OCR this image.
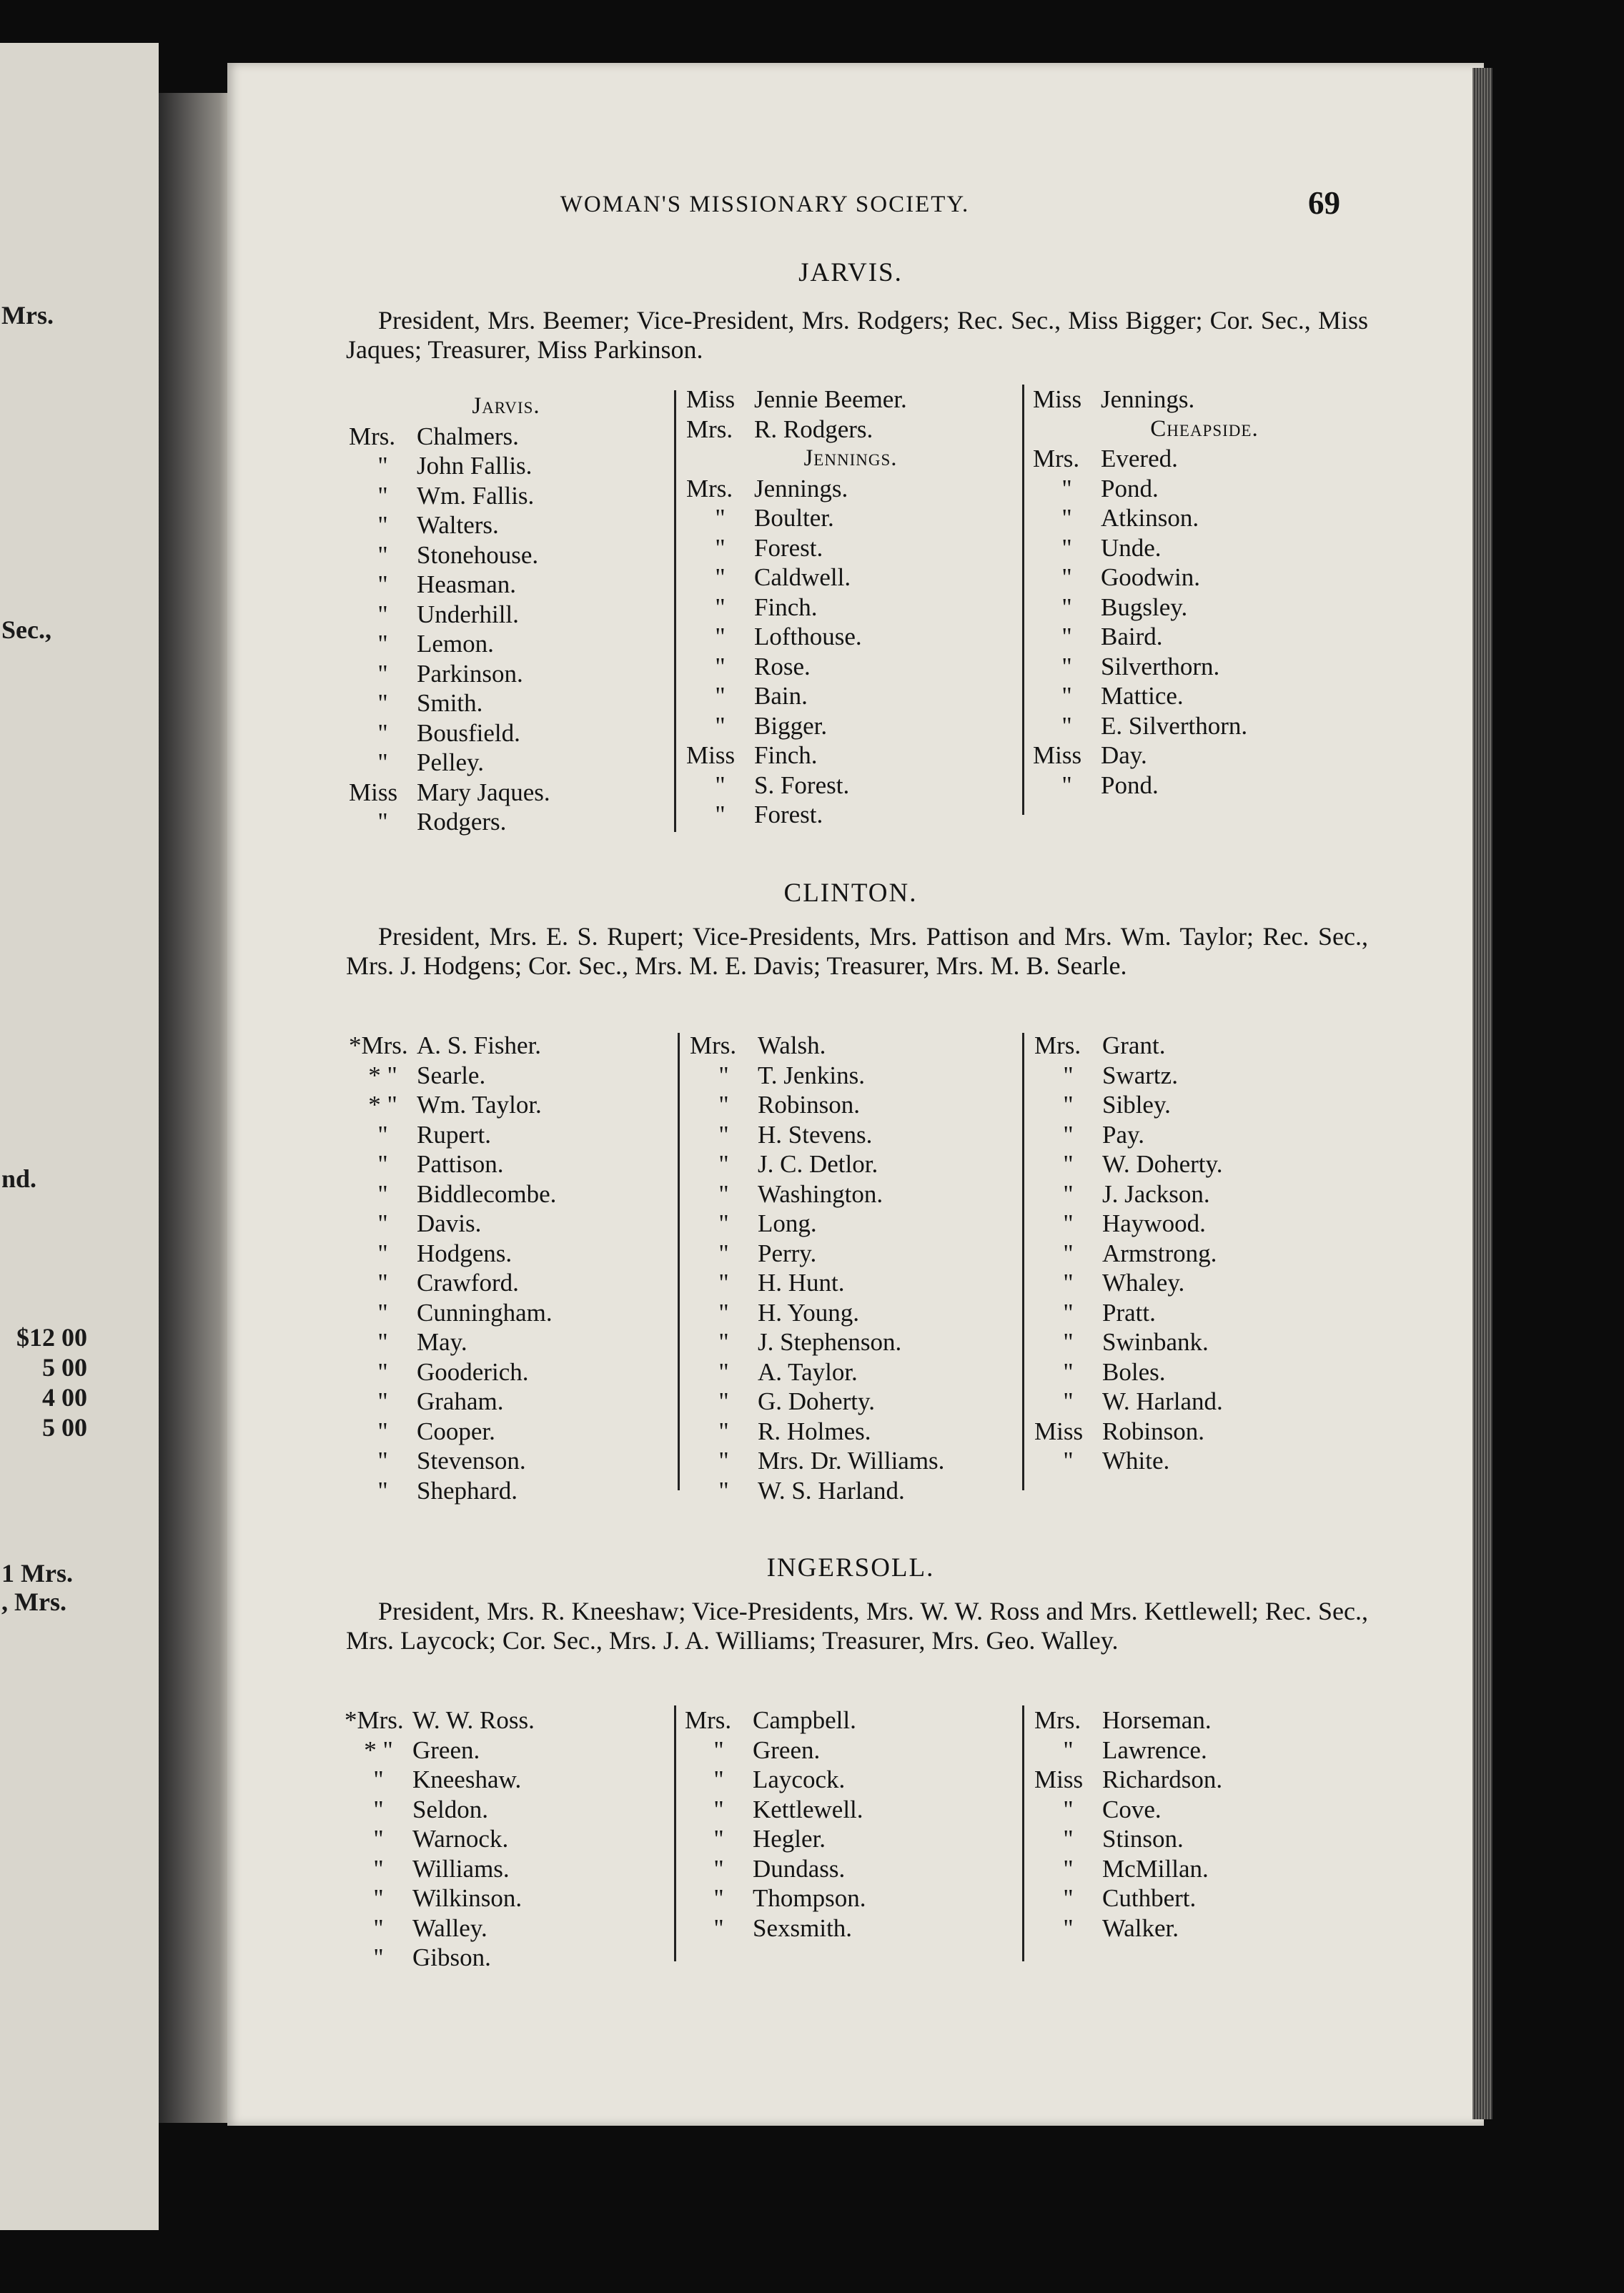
Mrs.
Sec.,
nd.
$12 00
5 00
4 00
5 00
1 Mrs.
, Mrs.
WOMAN'S MISSIONARY SOCIETY.	69
JARVIS.
President, Mrs. Beemer; Vice-President, Mrs. Rodgers; Rec. Sec., Miss Bigger; Cor. Sec., Miss Jaques; Treasurer, Miss Parkinson.
Jarvis.
Mrs. Chalmers.
" John Fallis.
" Wm. Fallis.
" Walters.
" Stonehouse.
" Heasman.
" Underhill.
" Lemon.
" Parkinson.
" Smith.
" Bousfield.
" Pelley.
Miss Mary Jaques.
" Rodgers.
Miss Jennie Beemer.
Mrs. R. Rodgers.
Jennings.
Mrs. Jennings.
" Boulter.
" Forest.
" Caldwell.
" Finch.
" Lofthouse.
" Rose.
" Bain.
" Bigger.
Miss Finch.
" S. Forest.
" Forest.
Miss Jennings.
Cheapside.
Mrs. Evered.
" Pond.
" Atkinson.
" Unde.
" Goodwin.
" Bugsley.
" Baird.
" Silverthorn.
" Mattice.
" E. Silverthorn.
Miss Day.
" Pond.
CLINTON.
President, Mrs. E. S. Rupert; Vice-Presidents, Mrs. Pattison and Mrs. Wm. Taylor; Rec. Sec., Mrs. J. Hodgens; Cor. Sec., Mrs. M. E. Davis; Treasurer, Mrs. M. B. Searle.
*Mrs. A. S. Fisher.
* " Searle.
* " Wm. Taylor.
" Rupert.
" Pattison.
" Biddlecombe.
" Davis.
" Hodgens.
" Crawford.
" Cunningham.
" May.
" Gooderich.
" Graham.
" Cooper.
" Stevenson.
" Shephard.
Mrs. Walsh.
" T. Jenkins.
" Robinson.
" H. Stevens.
" J. C. Detlor.
" Washington.
" Long.
" Perry.
" H. Hunt.
" H. Young.
" J. Stephenson.
" A. Taylor.
" G. Doherty.
" R. Holmes.
" Mrs. Dr. Williams.
" W. S. Harland.
Mrs. Grant.
" Swartz.
" Sibley.
" Pay.
" W. Doherty.
" J. Jackson.
" Haywood.
" Armstrong.
" Whaley.
" Pratt.
" Swinbank.
" Boles.
" W. Harland.
Miss Robinson.
" White.
INGERSOLL.
President, Mrs. R. Kneeshaw; Vice-Presidents, Mrs. W. W. Ross and Mrs. Kettlewell; Rec. Sec., Mrs. Laycock; Cor. Sec., Mrs. J. A. Williams; Treasurer, Mrs. Geo. Walley.
*Mrs. W. W. Ross.
* " Green.
" Kneeshaw.
" Seldon.
" Warnock.
" Williams.
" Wilkinson.
" Walley.
" Gibson.
Mrs. Campbell.
" Green.
" Laycock.
" Kettlewell.
" Hegler.
" Dundass.
" Thompson.
" Sexsmith.
Mrs. Horseman.
" Lawrence.
Miss Richardson.
" Cove.
" Stinson.
" McMillan.
" Cuthbert.
" Walker.
